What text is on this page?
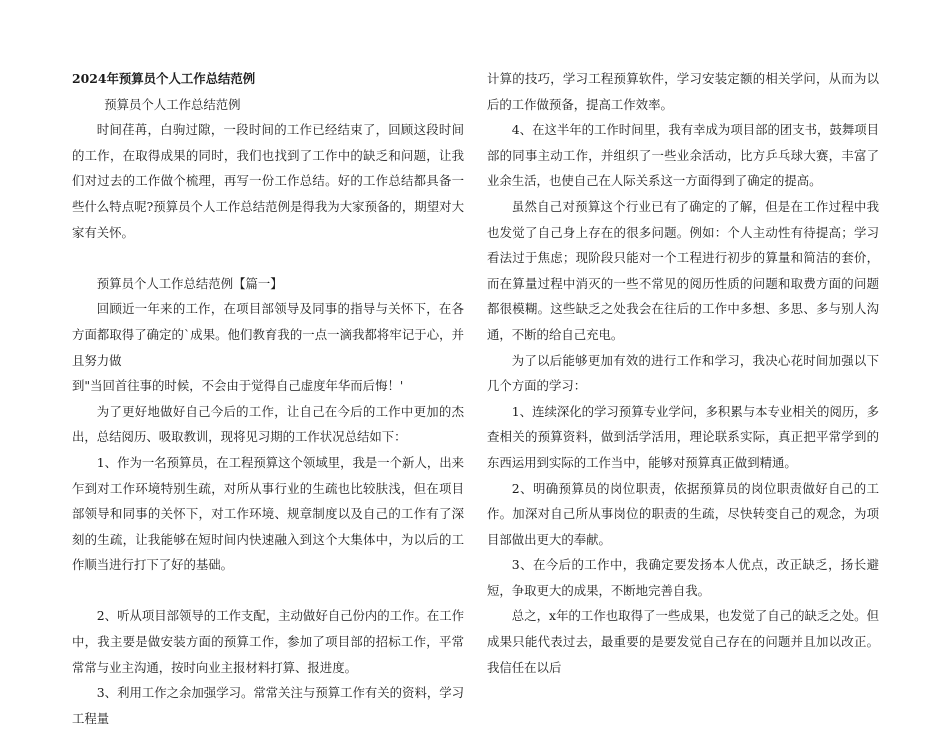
2024年预算员个人工作总结范例

预算员个人工作总结范例

时间荏苒，白驹过隙，一段时间的工作已经结束了，回顾这段时间的工作，在取得成果的同时，我们也找到了工作中的缺乏和问题，让我们对过去的工作做个梳理，再写一份工作总结。好的工作总结都具备一些什么特点呢?预算员个人工作总结范例是得我为大家预备的，期望对大家有关怀。

预算员个人工作总结范例【篇一】

回顾近一年来的工作，在项目部领导及同事的指导与关怀下，在各方面都取得了确定的`成果。他们教育我的一点一滴我都将牢记于心，并且努力做

到"当回首往事的时候，不会由于觉得自己虚度年华而后悔！'

为了更好地做好自己今后的工作，让自己在今后的工作中更加的杰出，总结阅历、吸取教训，现将见习期的工作状况总结如下：

1、作为一名预算员，在工程预算这个领域里，我是一个新人，出来乍到对工作环境特别生疏，对所从事行业的生疏也比较肤浅，但在项目部领导和同事的关怀下，对工作环境、规章制度以及自己的工作有了深刻的生疏，让我能够在短时间内快速融入到这个大集体中，为以后的工作顺当进行打下了好的基础。

2、听从项目部领导的工作支配，主动做好自己份内的工作。在工作中，我主要是做安装方面的预算工作，参加了项目部的招标工作，平常常常与业主沟通，按时向业主报材料打算、报进度。

3、利用工作之余加强学习。常常关注与预算工作有关的资料，学习工程量

计算的技巧，学习工程预算软件，学习安装定额的相关学问，从而为以后的工作做预备，提高工作效率。

4、在这半年的工作时间里，我有幸成为项目部的团支书，鼓舞项目部的同事主动工作，并组织了一些业余活动，比方乒乓球大赛，丰富了业余生活，也使自己在人际关系这一方面得到了确定的提高。

虽然自己对预算这个行业已有了确定的了解，但是在工作过程中我也发觉了自己身上存在的很多问题。例如：个人主动性有待提高；学习看法过于焦虑；现阶段只能对一个工程进行初步的算量和简洁的套价，而在算量过程中消灭的一些不常见的阅历性质的问题和取费方面的问题都很模糊。这些缺乏之处我会在往后的工作中多想、多思、多与别人沟通，不断的给自己充电。

为了以后能够更加有效的进行工作和学习，我决心花时间加强以下几个方面的学习：

1、连续深化的学习预算专业学问，多积累与本专业相关的阅历，多查相关的预算资料，做到活学活用，理论联系实际，真正把平常学到的东西运用到实际的工作当中，能够对预算真正做到精通。

2、明确预算员的岗位职责，依据预算员的岗位职责做好自己的工作。加深对自己所从事岗位的职责的生疏，尽快转变自己的观念，为项目部做出更大的奉献。

3、在今后的工作中，我确定要发扬本人优点，改正缺乏，扬长避短，争取更大的成果，不断地完善自我。

总之，x年的工作也取得了一些成果，也发觉了自己的缺乏之处。但成果只能代表过去，最重要的是要发觉自己存在的问题并且加以改正。我信任在以后
